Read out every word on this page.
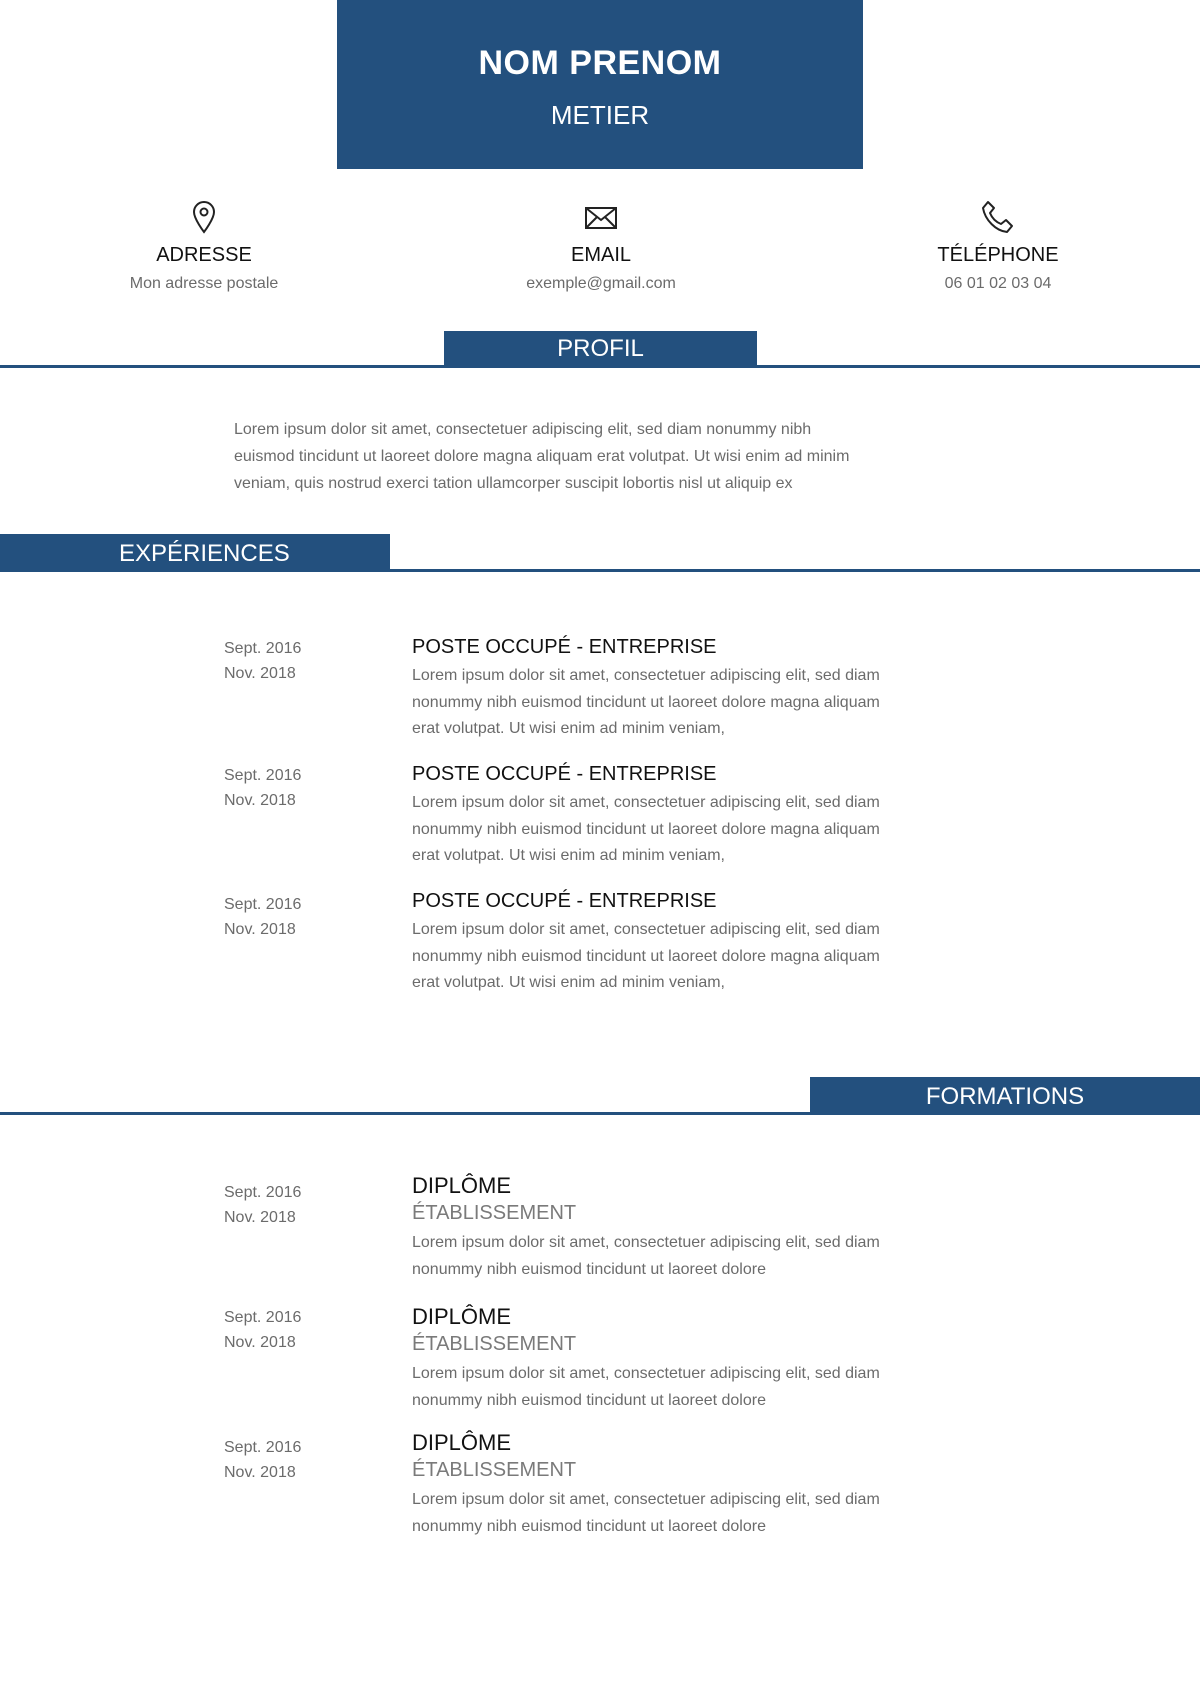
NOM PRENOM
METIER
ADRESSE
Mon adresse postale
EMAIL
exemple@gmail.com
TÉLÉPHONE
06 01 02 03 04
PROFIL
Lorem ipsum dolor sit amet, consectetuer adipiscing elit, sed diam nonummy nibh euismod tincidunt ut laoreet dolore magna aliquam erat volutpat. Ut wisi enim ad minim veniam, quis nostrud exerci tation ullamcorper suscipit lobortis nisl ut aliquip ex
EXPÉRIENCES
Sept. 2016
Nov. 2018
POSTE OCCUPÉ - ENTREPRISE
Lorem ipsum dolor sit amet, consectetuer adipiscing elit, sed diam nonummy nibh euismod tincidunt ut laoreet dolore magna aliquam erat volutpat. Ut wisi enim ad minim veniam,
Sept. 2016
Nov. 2018
POSTE OCCUPÉ - ENTREPRISE
Lorem ipsum dolor sit amet, consectetuer adipiscing elit, sed diam nonummy nibh euismod tincidunt ut laoreet dolore magna aliquam erat volutpat. Ut wisi enim ad minim veniam,
Sept. 2016
Nov. 2018
POSTE OCCUPÉ - ENTREPRISE
Lorem ipsum dolor sit amet, consectetuer adipiscing elit, sed diam nonummy nibh euismod tincidunt ut laoreet dolore magna aliquam erat volutpat. Ut wisi enim ad minim veniam,
FORMATIONS
Sept. 2016
Nov. 2018
DIPLÔME
ÉTABLISSEMENT
Lorem ipsum dolor sit amet, consectetuer adipiscing elit, sed diam nonummy nibh euismod tincidunt ut laoreet dolore
Sept. 2016
Nov. 2018
DIPLÔME
ÉTABLISSEMENT
Lorem ipsum dolor sit amet, consectetuer adipiscing elit, sed diam nonummy nibh euismod tincidunt ut laoreet dolore
Sept. 2016
Nov. 2018
DIPLÔME
ÉTABLISSEMENT
Lorem ipsum dolor sit amet, consectetuer adipiscing elit, sed diam nonummy nibh euismod tincidunt ut laoreet dolore
